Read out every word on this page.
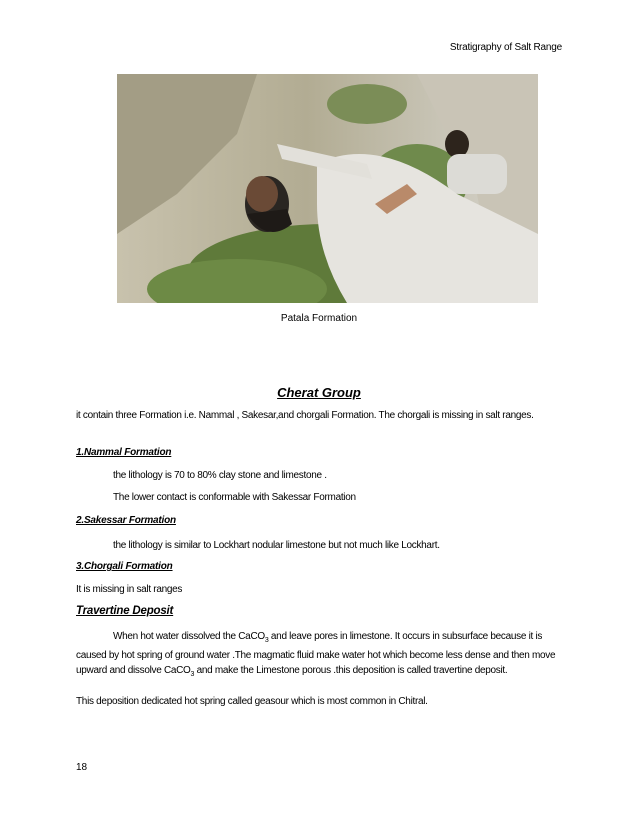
Stratigraphy of Salt Range
Patala Formation
Cherat Group
it contain three Formation i.e. Nammal , Sakesar,and chorgali Formation. The chorgali is missing in salt ranges.
1.Nammal Formation
the lithology is 70 to 80% clay stone and limestone .
The lower contact is conformable with Sakessar Formation
2.Sakessar Formation
the lithology is similar to Lockhart nodular limestone but not much like Lockhart.
3.Chorgali Formation
It is missing in salt ranges
Travertine Deposit
When hot water dissolved the CaCO$_3$ and leave pores in limestone. It occurs in subsurface because it is caused by hot spring of ground water .The magmatic fluid make water hot which become less dense and then move upward and dissolve CaCO$_3$ and make the Limestone porous .this deposition is called travertine deposit.
This deposition dedicated hot spring called geasour which is most common in Chitral.
18
